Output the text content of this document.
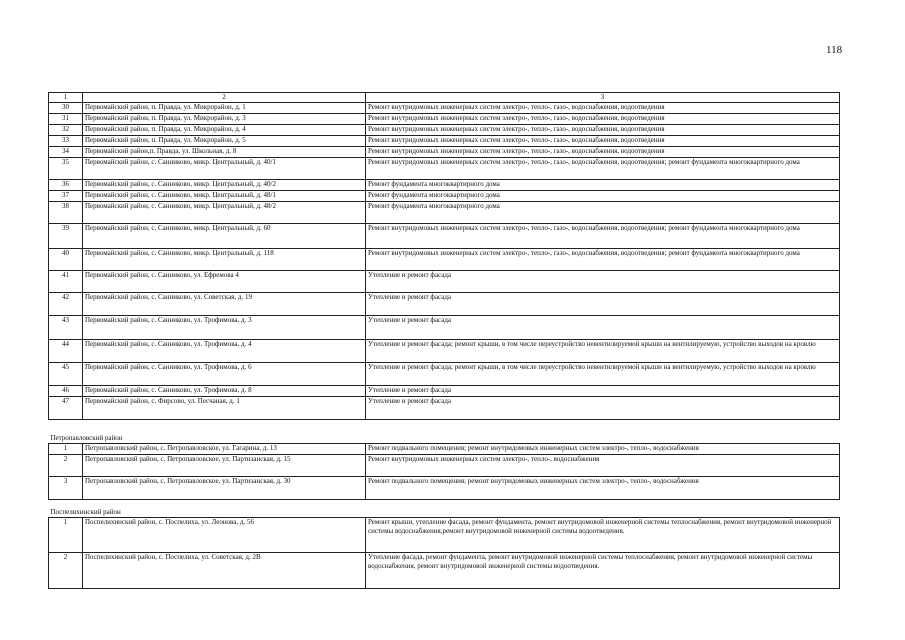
118
1	2	3
30	Первомайский район, п. Правда, ул. Микрорайон, д. 1	Ремонт внутридомовых инженерных систем электро-, тепло-, газо-, водоснабжения, водоотведения
31	Первомайский район, п. Правда, ул. Микрорайон, д. 3	Ремонт внутридомовых инженерных систем электро-, тепло-, газо-, водоснабжения, водоотведения
32	Первомайский район, п. Правда, ул. Микрорайон, д. 4	Ремонт внутридомовых инженерных систем электро-, тепло-, газо-, водоснабжения, водоотведения
33	Первомайский район, п. Правда, ул. Микрорайон, д. 5	Ремонт внутридомовых инженерных систем электро-, тепло-, газо-, водоснабжения, водоотведения
34	Первомайский район,п. Правда, ул. Школьная, д. 8	Ремонт внутридомовых инженерных систем электро-, тепло-, газо-, водоснабжения, водоотведения
35	Первомайский район, с. Санниково, микр. Центральный, д. 40/1	Ремонт внутридомовых инженерных систем электро-, тепло-, газо-, водоснабжения, водоотведения; ремонт фундамента многоквартирного дома
36	Первомайский район, с. Санниково, микр. Центральный, д. 40/2	Ремонт фундамента многоквартирного дома
37	Первомайский район, с. Санниково, микр. Центральный, д. 48/1	Ремонт фундамента многоквартирного дома
38	Первомайский район, с. Санниково, микр. Центральный, д. 48/2	Ремонт фундамента многоквартирного дома
39	Первомайский район, с. Санниково, микр. Центральный, д. 60	Ремонт внутридомовых инженерных систем электро-, тепло-, газо-, водоснабжения, водоотведения; ремонт фундамента многоквартирного дома
40	Первомайский район, с. Санниково, микр. Центральный, д. 118	Ремонт внутридомовых инженерных систем электро-, тепло-, газо-, водоснабжения, водоотведения; ремонт фундамента многоквартирного дома
41	Первомайский район, с. Санниково, ул. Ефремова 4	Утепление и ремонт фасада
42	Первомайский район, с. Санниково, ул. Советская, д. 19	Утепление и ремонт фасада
43	Первомайский район, с. Санниково, ул. Трофимова, д. 3	Утепление и ремонт фасада
44	Первомайский район, с. Санниково, ул. Трофимова, д. 4	Утепление и ремонт фасада; ремонт крыши, в том числе переустройство невентилируемой крыши на вентилируемую, устройство выходов на кровлю
45	Первомайский район, с. Санниково, ул. Трофимова, д. 6	Утепление и ремонт фасада; ремонт крыши, в том числе переустройство невентилируемой крыши на вентилируемую, устройство выходов на кровлю
46	Первомайский район, с. Санниково, ул. Трофимова, д. 8	Утепление и ремонт фасада
47	Первомайский район, с. Фирсово, ул. Песчаная, д. 1	Утепление и ремонт фасада
Петропавловский район		
1	Петропавловский район, с. Петропавловское, ул. Гагарина, д. 13	Ремонт подвального помещения; ремонт внутридомовых инженерных систем электро-, тепло-, водоснабжения
2	Петропавловский район, с. Петропавловское, ул. Партизанская, д. 15	Ремонт внутридомовых инженерных систем электро-, тепло-, водоснабжения
3	Петропавловский район, с. Петропавловское, ул. Партизанская, д. 30	Ремонт подвального помещения; ремонт внутридомовых инженерных систем электро-, тепло-, водоснабжения
Поспелихинский район		
1	Поспелихинский район, с. Поспелиха, ул. Леонова, д. 56	Ремонт крыши, утепление фасада, ремонт фундамента, ремонт внутридомовой инженерной системы теплоснабжения, ремонт внутридомовой инженерной системы водоснабжения,ремонт внутридомовой инженерной системы водоотведения.
2	Поспелихинский район, с. Поспелиха, ул. Советская, д. 2В	Утепление фасада, ремонт фундамента, ремонт внутридомовой инженерной системы теплоснабжения, ремонт внутридомовой инженерной системы водоснабжения, ремонт внутридомовой инженерной системы водоотведения.
